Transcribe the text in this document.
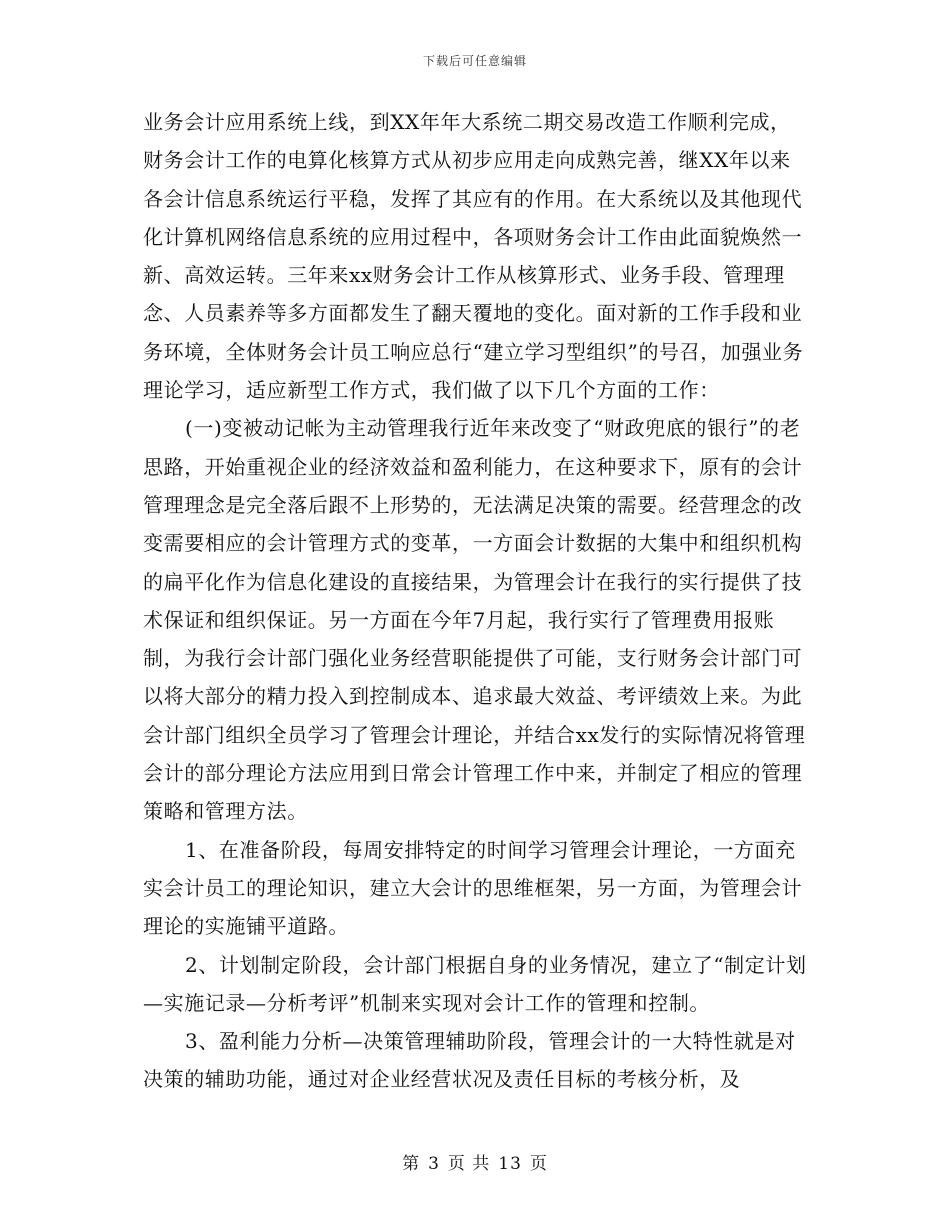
下载后可任意编辑

业务会计应用系统上线，到XX年年大系统二期交易改造工作顺利完成，财务会计工作的电算化核算方式从初步应用走向成熟完善，继XX年以来各会计信息系统运行平稳，发挥了其应有的作用。在大系统以及其他现代化计算机网络信息系统的应用过程中，各项财务会计工作由此面貌焕然一新、高效运转。三年来xx财务会计工作从核算形式、业务手段、管理理念、人员素养等多方面都发生了翻天覆地的变化。面对新的工作手段和业务环境，全体财务会计员工响应总行“建立学习型组织”的号召，加强业务理论学习，适应新型工作方式，我们做了以下几个方面的工作：

(一)变被动记帐为主动管理我行近年来改变了“财政兜底的银行”的老思路，开始重视企业的经济效益和盈利能力，在这种要求下，原有的会计管理理念是完全落后跟不上形势的，无法满足决策的需要。经营理念的改变需要相应的会计管理方式的变革，一方面会计数据的大集中和组织机构的扁平化作为信息化建设的直接结果，为管理会计在我行的实行提供了技术保证和组织保证。另一方面在今年7月起，我行实行了管理费用报账制，为我行会计部门强化业务经营职能提供了可能，支行财务会计部门可以将大部分的精力投入到控制成本、追求最大效益、考评绩效上来。为此会计部门组织全员学习了管理会计理论，并结合xx发行的实际情况将管理会计的部分理论方法应用到日常会计管理工作中来，并制定了相应的管理策略和管理方法。

1、在准备阶段，每周安排特定的时间学习管理会计理论，一方面充实会计员工的理论知识，建立大会计的思维框架，另一方面，为管理会计理论的实施铺平道路。

2、计划制定阶段，会计部门根据自身的业务情况，建立了“制定计划—实施记录—分析考评”机制来实现对会计工作的管理和控制。

3、盈利能力分析—决策管理辅助阶段，管理会计的一大特性就是对决策的辅助功能，通过对企业经营状况及责任目标的考核分析，及

第 3 页 共 13 页
